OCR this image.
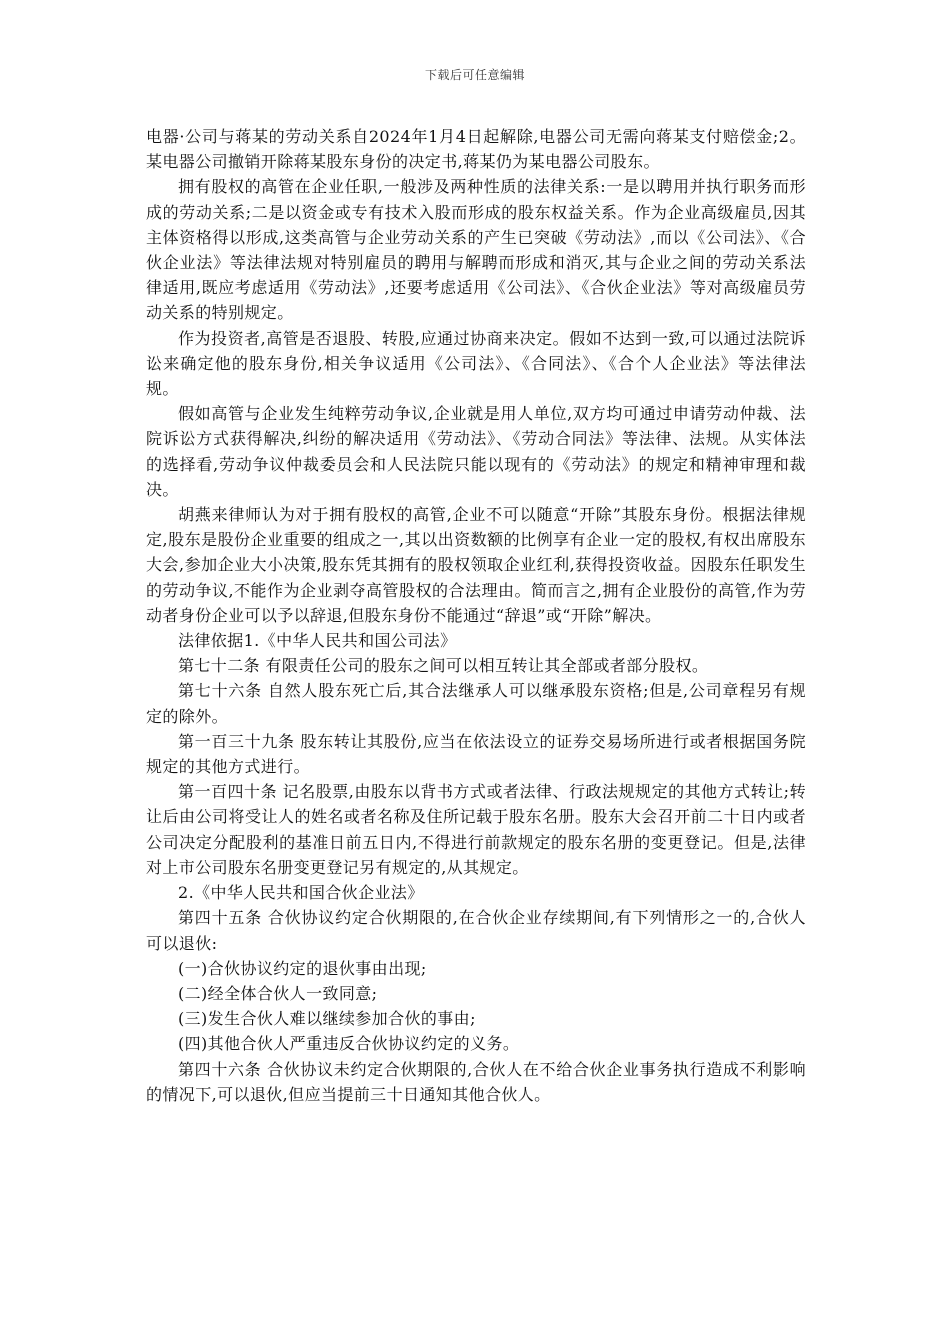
下载后可任意编辑

电器·公司与蒋某的劳动关系自2024年1月4日起解除,电器公司无需向蒋某支付赔偿金;2。某电器公司撤销开除蒋某股东身份的决定书,蒋某仍为某电器公司股东。

拥有股权的高管在企业任职,一般涉及两种性质的法律关系:一是以聘用并执行职务而形成的劳动关系;二是以资金或专有技术入股而形成的股东权益关系。作为企业高级雇员,因其主体资格得以形成,这类高管与企业劳动关系的产生已突破《劳动法》,而以《公司法》、《合伙企业法》等法律法规对特别雇员的聘用与解聘而形成和消灭,其与企业之间的劳动关系法律适用,既应考虑适用《劳动法》,还要考虑适用《公司法》、《合伙企业法》等对高级雇员劳动关系的特别规定。

作为投资者,高管是否退股、转股,应通过协商来决定。假如不达到一致,可以通过法院诉讼来确定他的股东身份,相关争议适用《公司法》、《合同法》、《合个人企业法》等法律法规。

假如高管与企业发生纯粹劳动争议,企业就是用人单位,双方均可通过申请劳动仲裁、法院诉讼方式获得解决,纠纷的解决适用《劳动法》、《劳动合同法》等法律、法规。从实体法的选择看,劳动争议仲裁委员会和人民法院只能以现有的《劳动法》的规定和精神审理和裁决。

胡燕来律师认为对于拥有股权的高管,企业不可以随意“开除”其股东身份。根据法律规定,股东是股份企业重要的组成之一,其以出资数额的比例享有企业一定的股权,有权出席股东大会,参加企业大小决策,股东凭其拥有的股权领取企业红利,获得投资收益。因股东任职发生的劳动争议,不能作为企业剥夺高管股权的合法理由。简而言之,拥有企业股份的高管,作为劳动者身份企业可以予以辞退,但股东身份不能通过“辞退”或“开除”解决。

法律依据1.《中华人民共和国公司法》

第七十二条 有限责任公司的股东之间可以相互转让其全部或者部分股权。

第七十六条 自然人股东死亡后,其合法继承人可以继承股东资格;但是,公司章程另有规定的除外。

第一百三十九条 股东转让其股份,应当在依法设立的证券交易场所进行或者根据国务院规定的其他方式进行。

第一百四十条 记名股票,由股东以背书方式或者法律、行政法规规定的其他方式转让;转让后由公司将受让人的姓名或者名称及住所记载于股东名册。股东大会召开前二十日内或者公司决定分配股利的基准日前五日内,不得进行前款规定的股东名册的变更登记。但是,法律对上市公司股东名册变更登记另有规定的,从其规定。

2.《中华人民共和国合伙企业法》

第四十五条 合伙协议约定合伙期限的,在合伙企业存续期间,有下列情形之一的,合伙人可以退伙:

(一)合伙协议约定的退伙事由出现;

(二)经全体合伙人一致同意;

(三)发生合伙人难以继续参加合伙的事由;

(四)其他合伙人严重违反合伙协议约定的义务。

第四十六条 合伙协议未约定合伙期限的,合伙人在不给合伙企业事务执行造成不利影响的情况下,可以退伙,但应当提前三十日通知其他合伙人。
